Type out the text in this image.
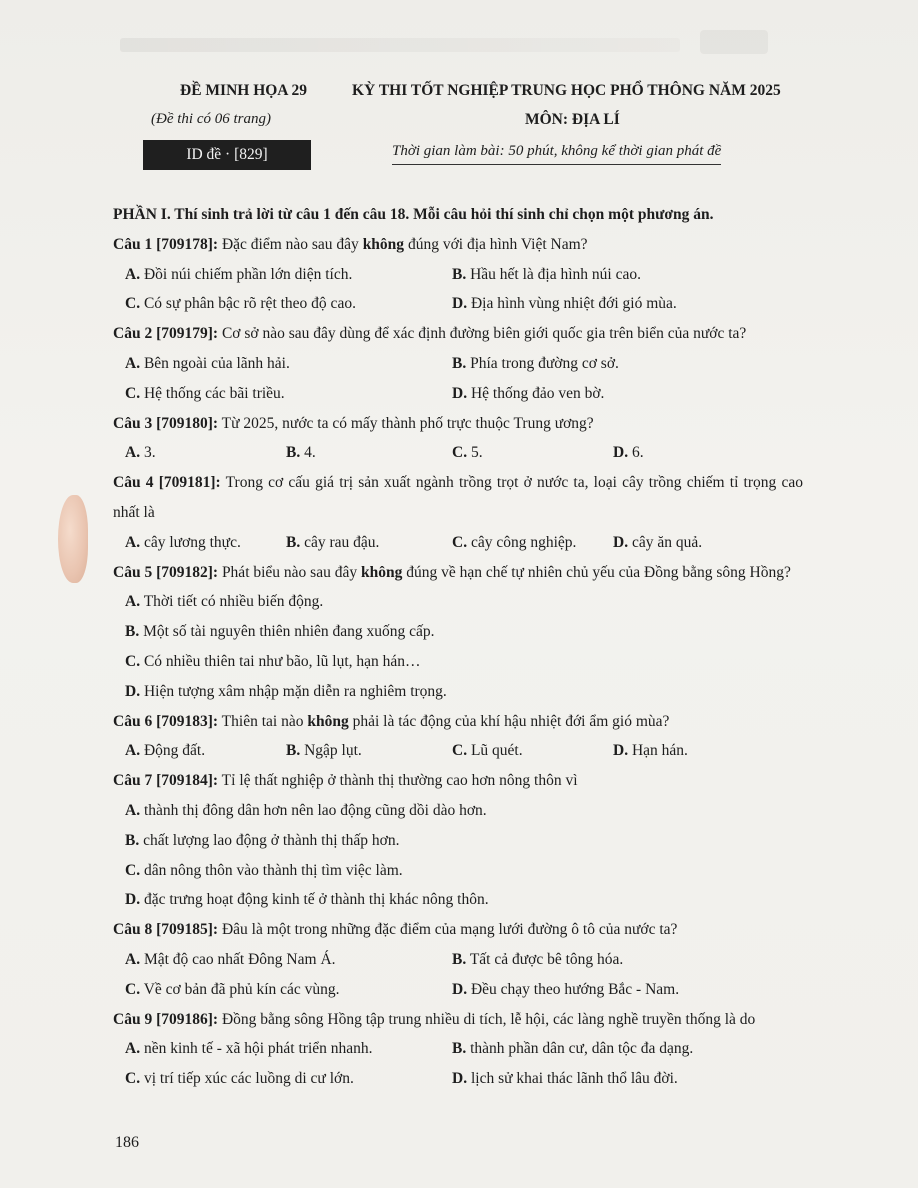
ĐỀ MINH HỌA 29
(Đề thi có 06 trang)
KỲ THI TỐT NGHIỆP TRUNG HỌC PHỔ THÔNG NĂM 2025
MÔN: ĐỊA LÍ
ID đề · [829]	Thời gian làm bài: 50 phút, không kể thời gian phát đề
PHẦN I. Thí sinh trả lời từ câu 1 đến câu 18. Mỗi câu hỏi thí sinh chỉ chọn một phương án.
Câu 1 [709178]: Đặc điểm nào sau đây không đúng với địa hình Việt Nam?
A. Đồi núi chiếm phần lớn diện tích.	B. Hầu hết là địa hình núi cao.
C. Có sự phân bậc rõ rệt theo độ cao.	D. Địa hình vùng nhiệt đới gió mùa.
Câu 2 [709179]: Cơ sở nào sau đây dùng để xác định đường biên giới quốc gia trên biển của nước ta?
A. Bên ngoài của lãnh hải.	B. Phía trong đường cơ sở.
C. Hệ thống các bãi triều.	D. Hệ thống đảo ven bờ.
Câu 3 [709180]: Từ 2025, nước ta có mấy thành phố trực thuộc Trung ương?
A. 3.	B. 4.	C. 5.	D. 6.
Câu 4 [709181]: Trong cơ cấu giá trị sản xuất ngành trồng trọt ở nước ta, loại cây trồng chiếm tỉ trọng cao nhất là
A. cây lương thực.	B. cây rau đậu.	C. cây công nghiệp. D. cây ăn quả.
Câu 5 [709182]: Phát biểu nào sau đây không đúng về hạn chế tự nhiên chủ yếu của Đồng bằng sông Hồng?
A. Thời tiết có nhiều biến động.
B. Một số tài nguyên thiên nhiên đang xuống cấp.
C. Có nhiều thiên tai như bão, lũ lụt, hạn hán…
D. Hiện tượng xâm nhập mặn diễn ra nghiêm trọng.
Câu 6 [709183]: Thiên tai nào không phải là tác động của khí hậu nhiệt đới ẩm gió mùa?
A. Động đất.	B. Ngập lụt.	C. Lũ quét.	D. Hạn hán.
Câu 7 [709184]: Tỉ lệ thất nghiệp ở thành thị thường cao hơn nông thôn vì
A. thành thị đông dân hơn nên lao động cũng dồi dào hơn.
B. chất lượng lao động ở thành thị thấp hơn.
C. dân nông thôn vào thành thị tìm việc làm.
D. đặc trưng hoạt động kinh tế ở thành thị khác nông thôn.
Câu 8 [709185]: Đâu là một trong những đặc điểm của mạng lưới đường ô tô của nước ta?
A. Mật độ cao nhất Đông Nam Á.	B. Tất cả được bê tông hóa.
C. Về cơ bản đã phủ kín các vùng.	D. Đều chạy theo hướng Bắc - Nam.
Câu 9 [709186]: Đồng bằng sông Hồng tập trung nhiều di tích, lễ hội, các làng nghề truyền thống là do
A. nền kinh tế - xã hội phát triển nhanh.	B. thành phần dân cư, dân tộc đa dạng.
C. vị trí tiếp xúc các luồng di cư lớn.	D. lịch sử khai thác lãnh thổ lâu đời.
186
